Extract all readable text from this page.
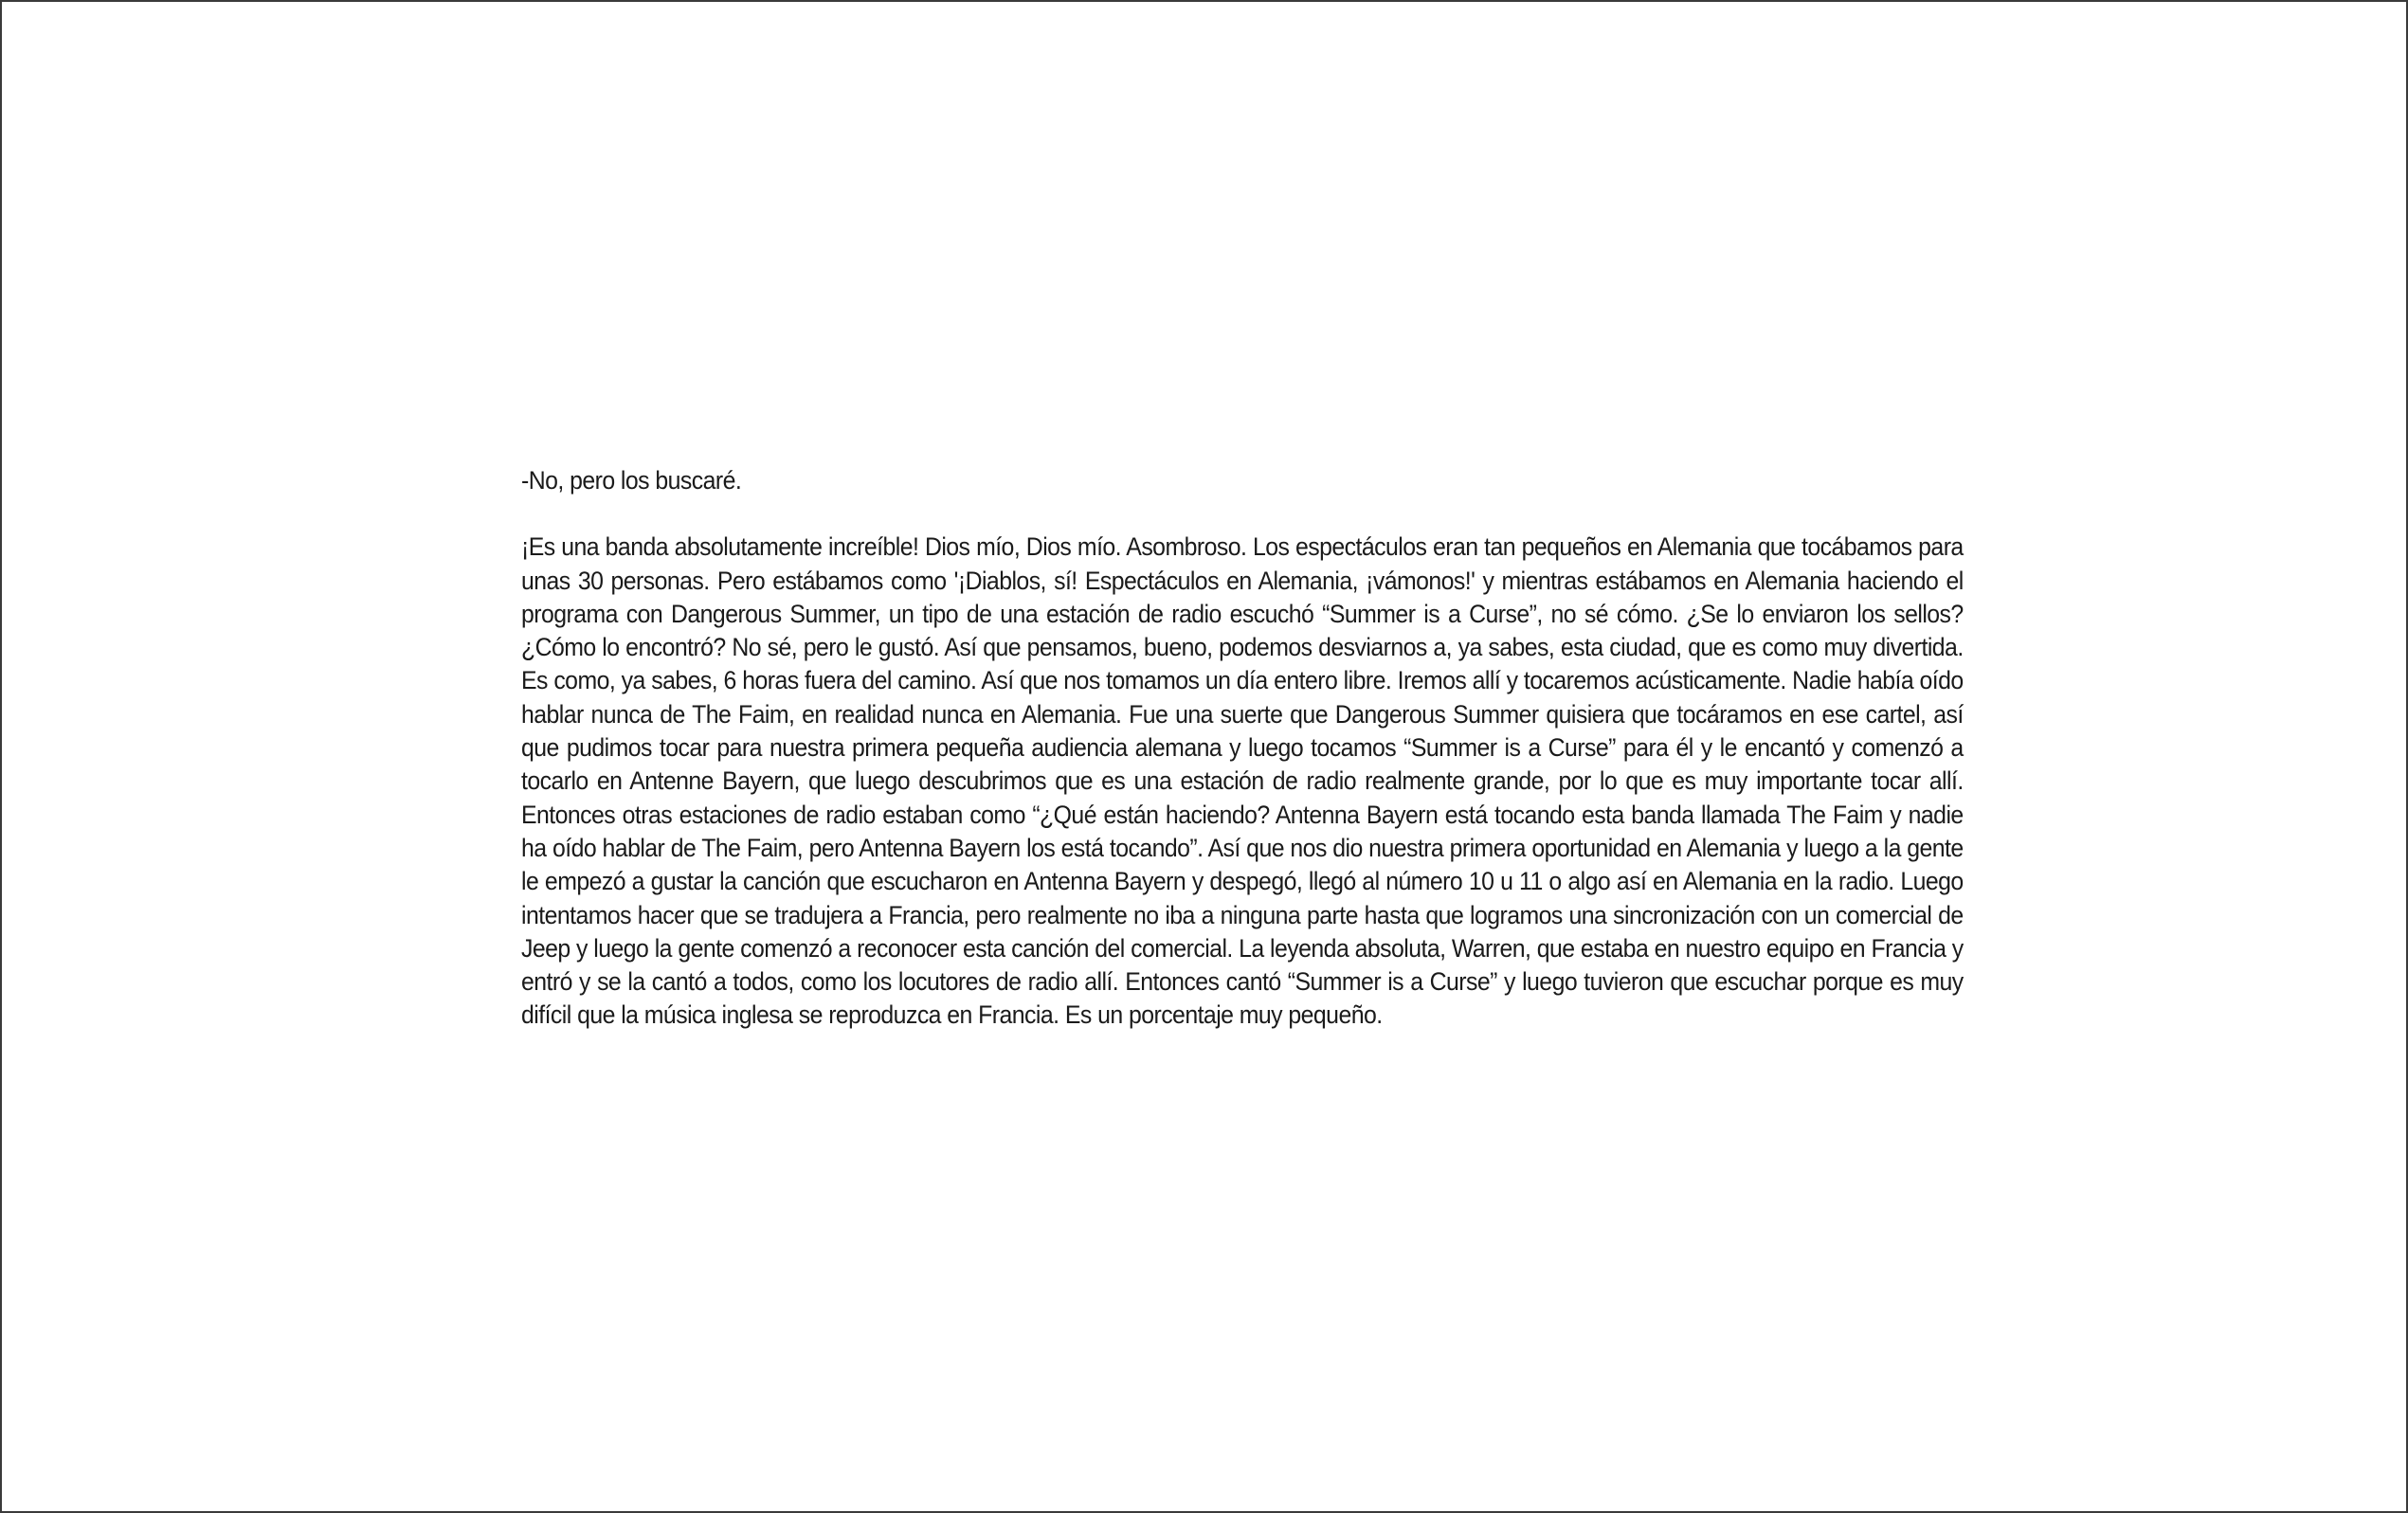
-No, pero los buscaré.

¡Es una banda absolutamente increíble! Dios mío, Dios mío. Asombroso. Los espectáculos eran tan pequeños en Alemania que tocábamos para unas 30 personas. Pero estábamos como '¡Diablos, sí! Espectáculos en Alemania, ¡vámonos!' y mientras estábamos en Alemania haciendo el programa con Dangerous Summer, un tipo de una estación de radio escuchó “Summer is a Curse”, no sé cómo. ¿Se lo enviaron los sellos? ¿Cómo lo encontró? No sé, pero le gustó. Así que pensamos, bueno, podemos desviarnos a, ya sabes, esta ciudad, que es como muy divertida. Es como, ya sabes, 6 horas fuera del camino. Así que nos tomamos un día entero libre. Iremos allí y tocaremos acústicamente. Nadie había oído hablar nunca de The Faim, en realidad nunca en Alemania. Fue una suerte que Dangerous Summer quisiera que tocáramos en ese cartel, así que pudimos tocar para nuestra primera pequeña audiencia alemana y luego tocamos “Summer is a Curse” para él y le encantó y comenzó a tocarlo en Antenne Bayern, que luego descubrimos que es una estación de radio realmente grande, por lo que es muy importante tocar allí. Entonces otras estaciones de radio estaban como “¿Qué están haciendo? Antenna Bayern está tocando esta banda llamada The Faim y nadie ha oído hablar de The Faim, pero Antenna Bayern los está tocando”. Así que nos dio nuestra primera oportunidad en Alemania y luego a la gente le empezó a gustar la canción que escucharon en Antenna Bayern y despegó, llegó al número 10 u 11 o algo así en Alemania en la radio. Luego intentamos hacer que se tradujera a Francia, pero realmente no iba a ninguna parte hasta que logramos una sincronización con un comercial de Jeep y luego la gente comenzó a reconocer esta canción del comercial. La leyenda absoluta, Warren, que estaba en nuestro equipo en Francia y entró y se la cantó a todos, como los locutores de radio allí. Entonces cantó “Summer is a Curse” y luego tuvieron que escuchar porque es muy difícil que la música inglesa se reproduzca en Francia. Es un porcentaje muy pequeño.
